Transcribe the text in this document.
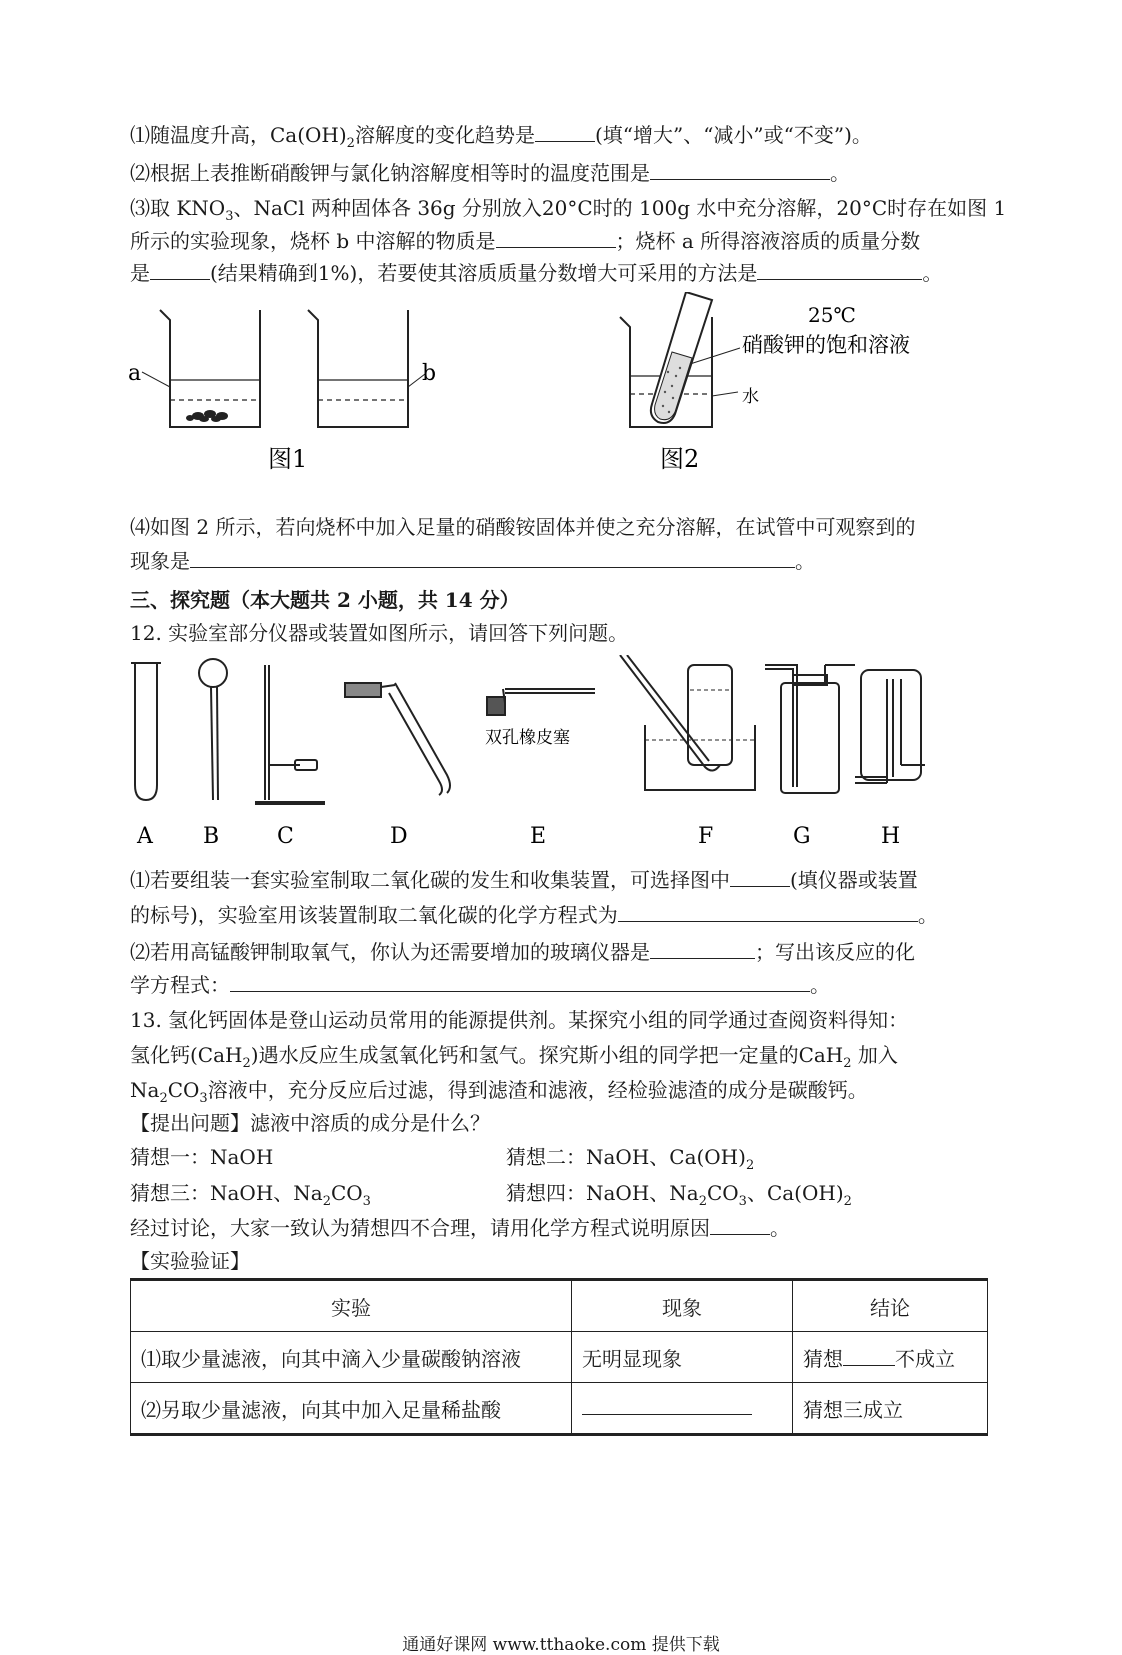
⑴随温度升高，$Ca(OH)_2$溶解度的变化趋势是	(填“增大”、“减小”或“不变”)。
⑵根据上表推断硝酸钾与氯化钠溶解度相等时的温度范围是	。
⑶取 $KNO_3$、NaCl 两种固体各 36g 分别放入20°C时的 100g 水中充分溶解，20°C时存在如图 1
所示的实验现象，烧杯 b 中溶解的物质是	；烧杯 a 所得溶液溶质的质量分数
是	(结果精确到1%)，若要使其溶质质量分数增大可采用的方法是	。
a	b
图1
25℃
硝酸钾的饱和溶液
水
图2
⑷如图 2 所示，若向烧杯中加入足量的硝酸铵固体并使之充分溶解，在试管中可观察到的
现象是	。
三、探究题（本大题共 2 小题，共 14 分）
12. 实验室部分仪器或装置如图所示，请回答下列问题。
双孔橡皮塞
A B	C	D	E	F	G	H
⑴若要组装一套实验室制取二氧化碳的发生和收集装置，可选择图中	(填仪器或装置
的标号)，实验室用该装置制取二氧化碳的化学方程式为	。
⑵若用高锰酸钾制取氧气，你认为还需要增加的玻璃仪器是	；写出该反应的化
学方程式：	。
13. 氢化钙固体是登山运动员常用的能源提供剂。某探究小组的同学通过查阅资料得知：
氢化钙(CaH$_2$)遇水反应生成氢氧化钙和氢气。探究斯小组的同学把一定量的CaH$_2$ 加入
$Na_2CO_3$溶液中，充分反应后过滤，得到滤渣和滤液，经检验滤渣的成分是碳酸钙。
【提出问题】滤液中溶质的成分是什么？
猜想一：NaOH	猜想二：NaOH、$Ca(OH)_2$
猜想三：NaOH、$Na_2CO_3$	猜想四：NaOH、$Na_2CO_3$、$Ca(OH)_2$
经过讨论，大家一致认为猜想四不合理，请用化学方程式说明原因	。
【实验验证】
实验	现象	结论
⑴取少量滤液，向其中滴入少量碳酸钠溶液	无明显现象	猜想 不成立
⑵另取少量滤液，向其中加入足量稀盐酸		猜想三成立
通通好课网 www.tthaoke.com 提供下载
